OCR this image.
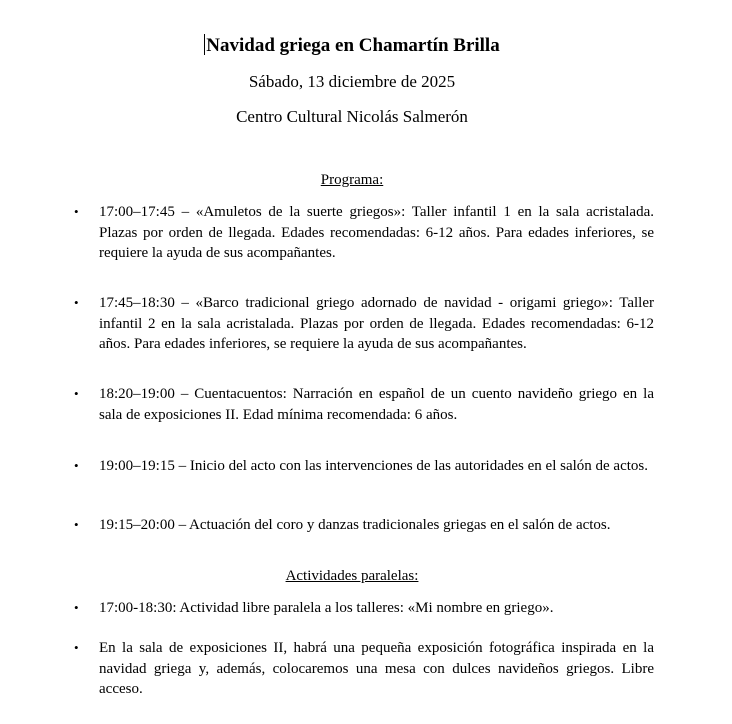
Navidad griega en Chamartín Brilla
Sábado, 13 diciembre de 2025
Centro Cultural Nicolás Salmerón
Programa:
• 17:00–17:45 – «Amuletos de la suerte griegos»: Taller infantil 1 en la sala acristalada. Plazas por orden de llegada. Edades recomendadas: 6-12 años. Para edades inferiores, se requiere la ayuda de sus acompañantes.
• 17:45–18:30 – «Barco tradicional griego adornado de navidad - origami griego»: Taller infantil 2 en la sala acristalada. Plazas por orden de llegada. Edades recomendadas: 6-12 años. Para edades inferiores, se requiere la ayuda de sus acompañantes.
• 18:20–19:00 – Cuentacuentos: Narración en español de un cuento navideño griego en la sala de exposiciones II. Edad mínima recomendada: 6 años.
• 19:00–19:15 – Inicio del acto con las intervenciones de las autoridades en el salón de actos.
• 19:15–20:00 – Actuación del coro y danzas tradicionales griegas en el salón de actos.
Actividades paralelas:
• 17:00-18:30: Actividad libre paralela a los talleres: «Mi nombre en griego».
• En la sala de exposiciones II, habrá una pequeña exposición fotográfica inspirada en la navidad griega y, además, colocaremos una mesa con dulces navideños griegos. Libre acceso.
